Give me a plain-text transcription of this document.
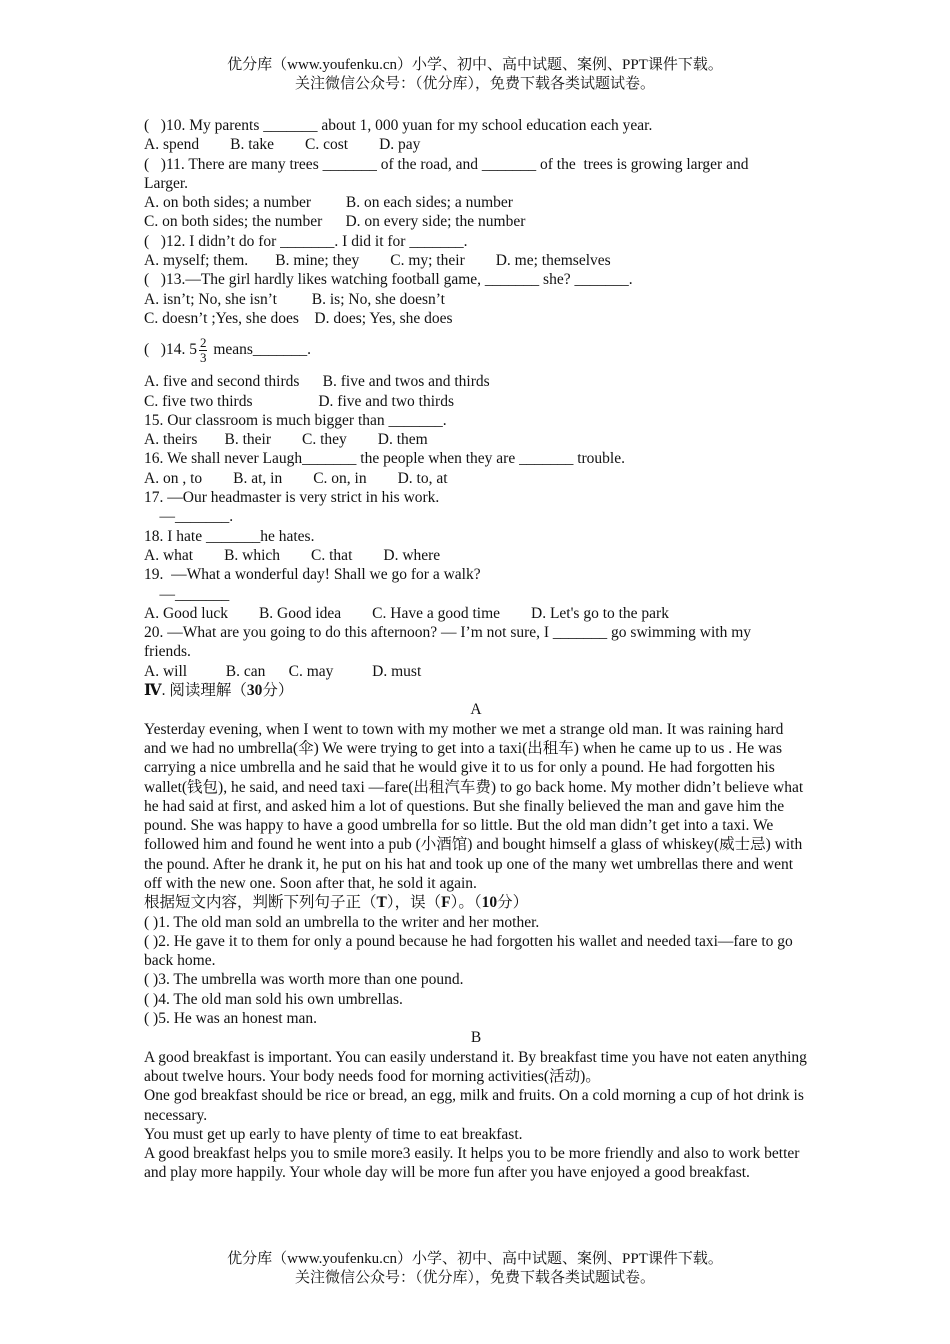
优分库（www.youfenku.cn）小学、初中、高中试题、案例、PPT课件下载。
关注微信公众号：（优分库），免费下载各类试题试卷。
(   )10. My parents _______ about 1, 000 yuan for my school education each year.
A. spend        B. take        C. cost        D. pay
(   )11. There are many trees _______ of the road, and _______ of the  trees is growing larger and
Larger.
A. on both sides; a number         B. on each sides; a number
C. on both sides; the number      D. on every side; the number
(   )12. I didn’t do for _______. I did it for _______.
A. myself; them.       B. mine; they        C. my; their        D. me; themselves
(   )13.—The girl hardly likes watching football game, _______ she? _______.
A. isn’t; No, she isn’t         B. is; No, she doesn’t
C. doesn’t ;Yes, she does    D. does; Yes, she does
(   )14. $5 \frac{2}{3}$ means_______.
A. five and second thirds      B. five and twos and thirds
C. five two thirds                 D. five and two thirds
15. Our classroom is much bigger than _______.
A. theirs       B. their        C. they        D. them
16. We shall never Laugh_______ the people when they are _______ trouble.
A. on , to        B. at, in        C. on, in        D. to, at
17. —Our headmaster is very strict in his work.
—_______.
18. I hate _______he hates.
A. what        B. which        C. that        D. where
19.  —What a wonderful day! Shall we go for a walk?
—_______
A. Good luck        B. Good idea        C. Have a good time        D. Let's go to the park
20. —What are you going to do this afternoon? — I’m not sure, I _______ go swimming with my
friends.
A. will          B. can      C. may          D. must
Ⅳ. 阅读理解（30分）
A
Yesterday evening, when I went to town with my mother we met a strange old man. It was raining hard and we had no umbrella(伞) We were trying to get into a taxi(出租车) when he came up to us . He was carrying a nice umbrella and he said that he would give it to us for only a pound. He had forgotten his wallet(钱包), he said, and need taxi —fare(出租汽车费) to go back home. My mother didn’t believe what he had said at first, and asked him a lot of questions. But she finally believed the man and gave him the pound. She was happy to have a good umbrella for so little. But the old man didn’t get into a taxi. We followed him and found he went into a pub (小酒馆) and bought himself a glass of whiskey(威士忌) with the pound. After he drank it, he put on his hat and took up one of the many wet umbrellas there and went off with the new one. Soon after that, he sold it again.
根据短文内容，判断下列句子正（T），误（F）。（10分）
( )1. The old man sold an umbrella to the writer and her mother.
( )2. He gave it to them for only a pound because he had forgotten his wallet and needed taxi—fare to go back home.
( )3. The umbrella was worth more than one pound.
( )4. The old man sold his own umbrellas.
( )5. He was an honest man.
B
A good breakfast is important. You can easily understand it. By breakfast time you have not eaten anything about twelve hours. Your body needs food for morning activities(活动)。
One god breakfast should be rice or bread, an egg, milk and fruits. On a cold morning a cup of hot drink is necessary.
You must get up early to have plenty of time to eat breakfast.
A good breakfast helps you to smile more3 easily. It helps you to be more friendly and also to work better and play more happily. Your whole day will be more fun after you have enjoyed a good breakfast.
优分库（www.youfenku.cn）小学、初中、高中试题、案例、PPT课件下载。
关注微信公众号：（优分库），免费下载各类试题试卷。
